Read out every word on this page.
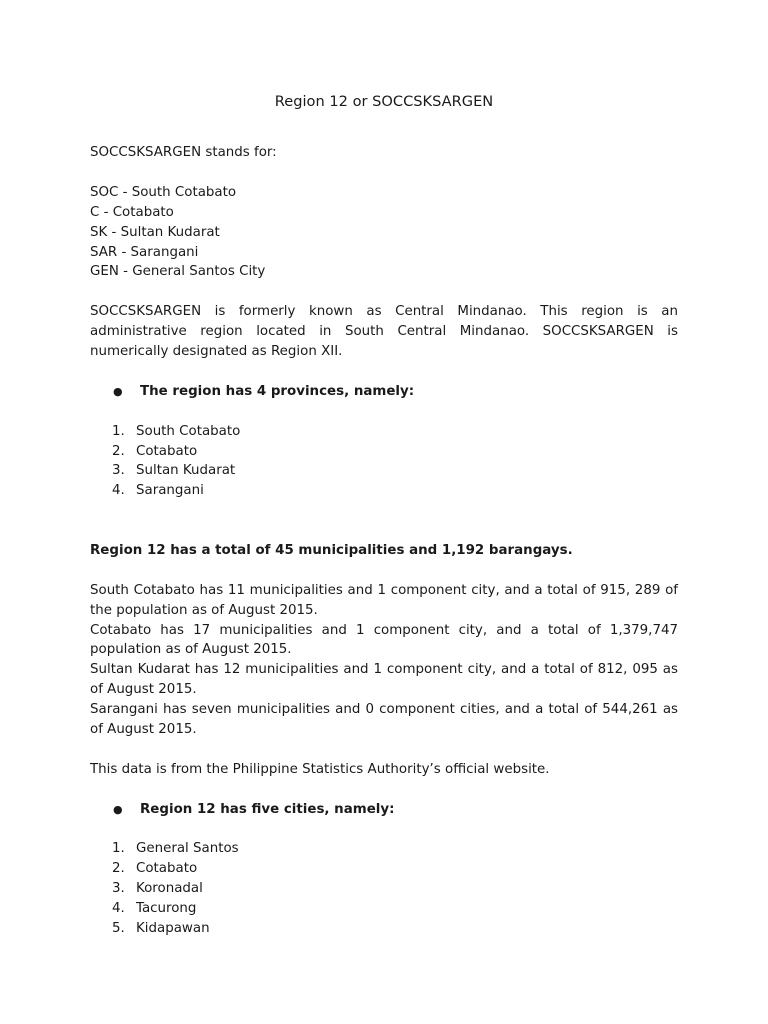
Region 12 or SOCCSKSARGEN

SOCCSKSARGEN stands for:

SOC - South Cotabato

C - Cotabato

SK - Sultan Kudarat

SAR - Sarangani

GEN - General Santos City

SOCCSKSARGEN is formerly known as Central Mindanao. This region is an administrative region located in South Central Mindanao. SOCCSKSARGEN is numerically designated as Region XII.

●	The region has 4 provinces, namely:
1. South Cotabato
2. Cotabato
3. Sultan Kudarat
4. Sarangani

Region 12 has a total of 45 municipalities and 1,192 barangays.

South Cotabato has 11 municipalities and 1 component city, and a total of 915, 289 of the population as of August 2015.

Cotabato has 17 municipalities and 1 component city, and a total of 1,379,747 population as of August 2015.

Sultan Kudarat has 12 municipalities and 1 component city, and a total of 812, 095 as of August 2015.

Sarangani has seven municipalities and 0 component cities, and a total of 544,261 as of August 2015.

This data is from the Philippine Statistics Authority’s official website.

●	Region 12 has five cities, namely:
1. General Santos
2. Cotabato
3. Koronadal
4. Tacurong
5. Kidapawan
